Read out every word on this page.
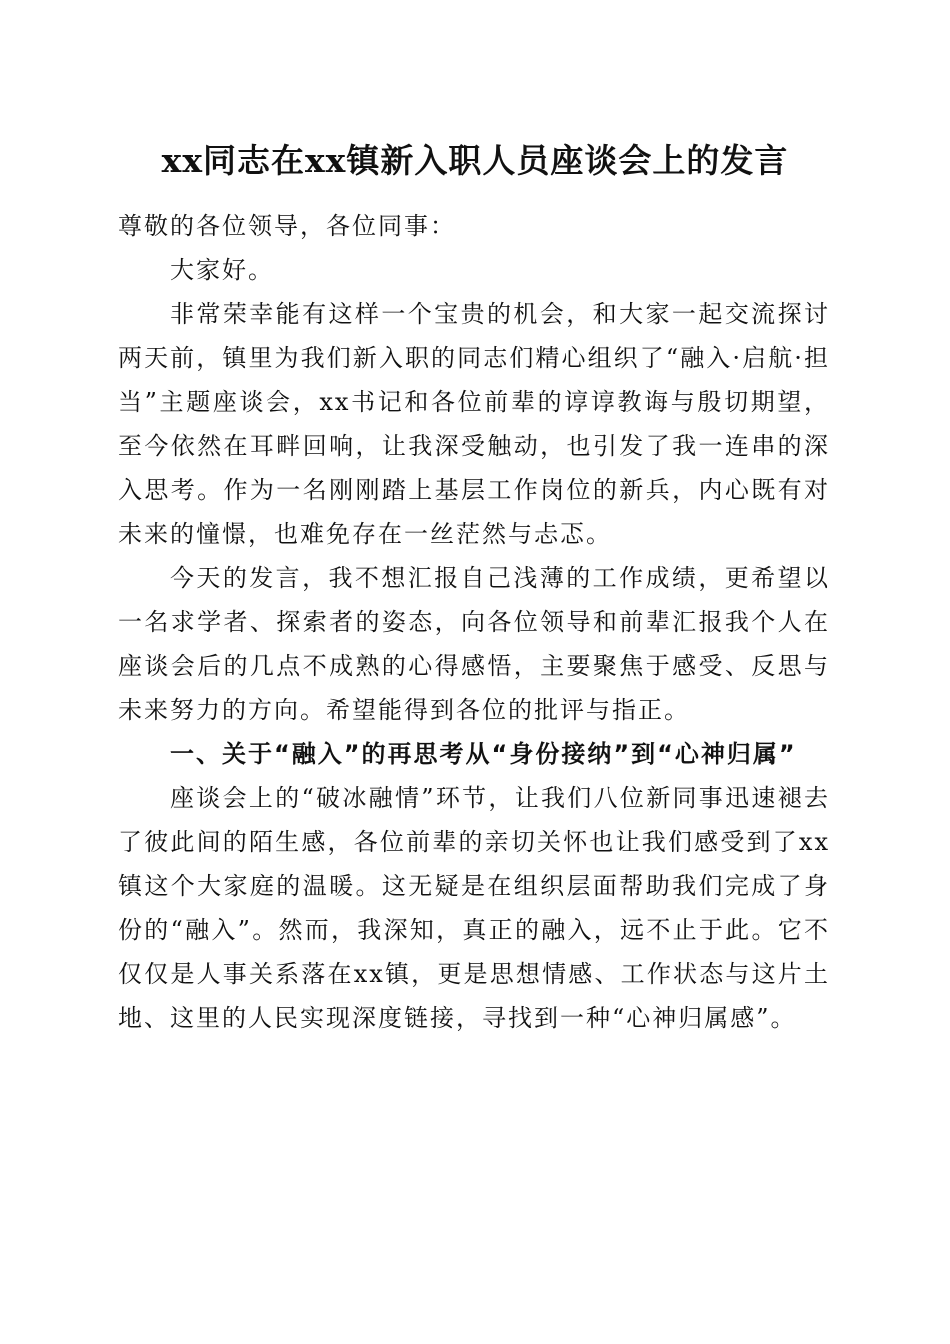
xx同志在xx镇新入职人员座谈会上的发言

尊敬的各位领导，各位同事：

大家好。

非常荣幸能有这样一个宝贵的机会，和大家一起交流探讨两天前，镇里为我们新入职的同志们精心组织了“融入·启航·担当”主题座谈会，xx书记和各位前辈的谆谆教诲与殷切期望，至今依然在耳畔回响，让我深受触动，也引发了我一连串的深入思考。作为一名刚刚踏上基层工作岗位的新兵，内心既有对未来的憧憬，也难免存在一丝茫然与忐忑。

今天的发言，我不想汇报自己浅薄的工作成绩，更希望以一名求学者、探索者的姿态，向各位领导和前辈汇报我个人在座谈会后的几点不成熟的心得感悟，主要聚焦于感受、反思与未来努力的方向。希望能得到各位的批评与指正。

一、关于“融入”的再思考从“身份接纳”到“心神归属”

座谈会上的“破冰融情”环节，让我们八位新同事迅速褪去了彼此间的陌生感，各位前辈的亲切关怀也让我们感受到了xx镇这个大家庭的温暖。这无疑是在组织层面帮助我们完成了身份的“融入”。然而，我深知，真正的融入，远不止于此。它不仅仅是人事关系落在xx镇，更是思想情感、工作状态与这片土地、这里的人民实现深度链接，寻找到一种“心神归属感”。
